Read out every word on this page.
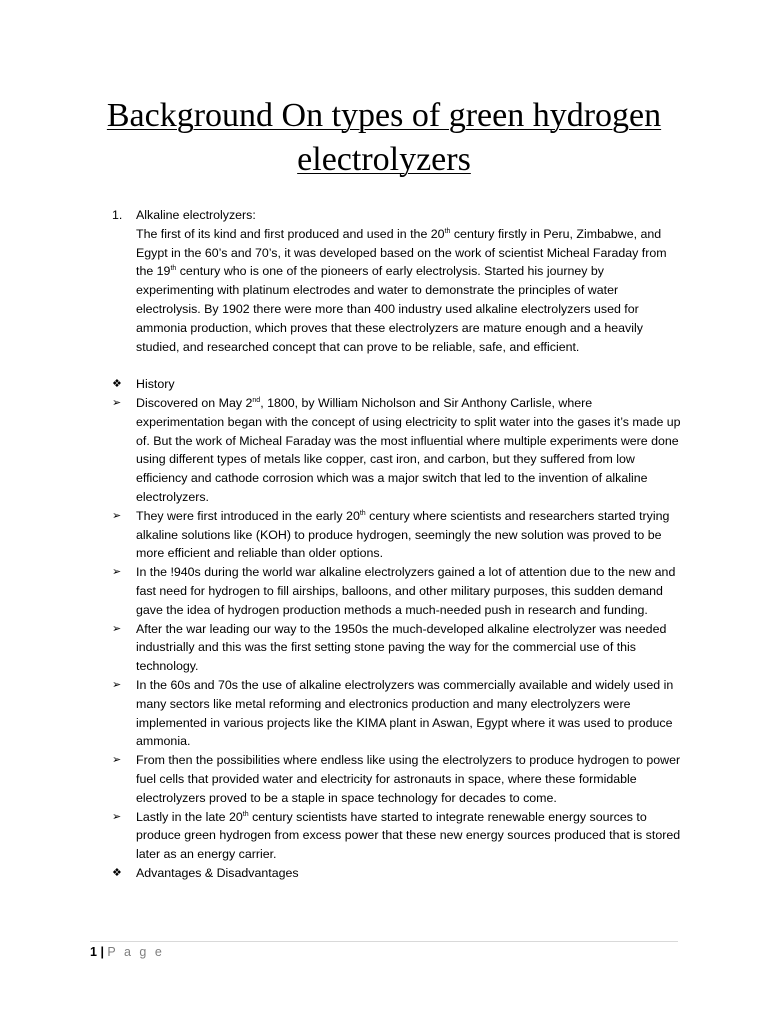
Background On types of green hydrogen
electrolyzers
1.	Alkaline electrolyzers:
The first of its kind and first produced and used in the 20th century firstly in Peru, Zimbabwe, and Egypt in the 60’s and 70’s, it was developed based on the work of scientist Micheal Faraday from the 19th century who is one of the pioneers of early electrolysis. Started his journey by experimenting with platinum electrodes and water to demonstrate the principles of water electrolysis. By 1902 there were more than 400 industry used alkaline electrolyzers used for ammonia production, which proves that these electrolyzers are mature enough and a heavily studied, and researched concept that can prove to be reliable, safe, and efficient.
❖	History
➢	Discovered on May 2nd, 1800, by William Nicholson and Sir Anthony Carlisle, where experimentation began with the concept of using electricity to split water into the gases it’s made up of. But the work of Micheal Faraday was the most influential where multiple experiments were done using different types of metals like copper, cast iron, and carbon, but they suffered from low efficiency and cathode corrosion which was a major switch that led to the invention of alkaline electrolyzers.
➢	They were first introduced in the early 20th century where scientists and researchers started trying alkaline solutions like (KOH) to produce hydrogen, seemingly the new solution was proved to be more efficient and reliable than older options.
➢	In the !940s during the world war alkaline electrolyzers gained a lot of attention due to the new and fast need for hydrogen to fill airships, balloons, and other military purposes, this sudden demand gave the idea of hydrogen production methods a much-needed push in research and funding.
➢	After the war leading our way to the 1950s the much-developed alkaline electrolyzer was needed industrially and this was the first setting stone paving the way for the commercial use of this technology.
➢	In the 60s and 70s the use of alkaline electrolyzers was commercially available and widely used in many sectors like metal reforming and electronics production and many electrolyzers were implemented in various projects like the KIMA plant in Aswan, Egypt where it was used to produce ammonia.
➢	From then the possibilities where endless like using the electrolyzers to produce hydrogen to power fuel cells that provided water and electricity for astronauts in space, where these formidable electrolyzers proved to be a staple in space technology for decades to come.
➢	Lastly in the late 20th century scientists have started to integrate renewable energy sources to produce green hydrogen from excess power that these new energy sources produced that is stored later as an energy carrier.
❖	Advantages & Disadvantages
1 | P a g e
